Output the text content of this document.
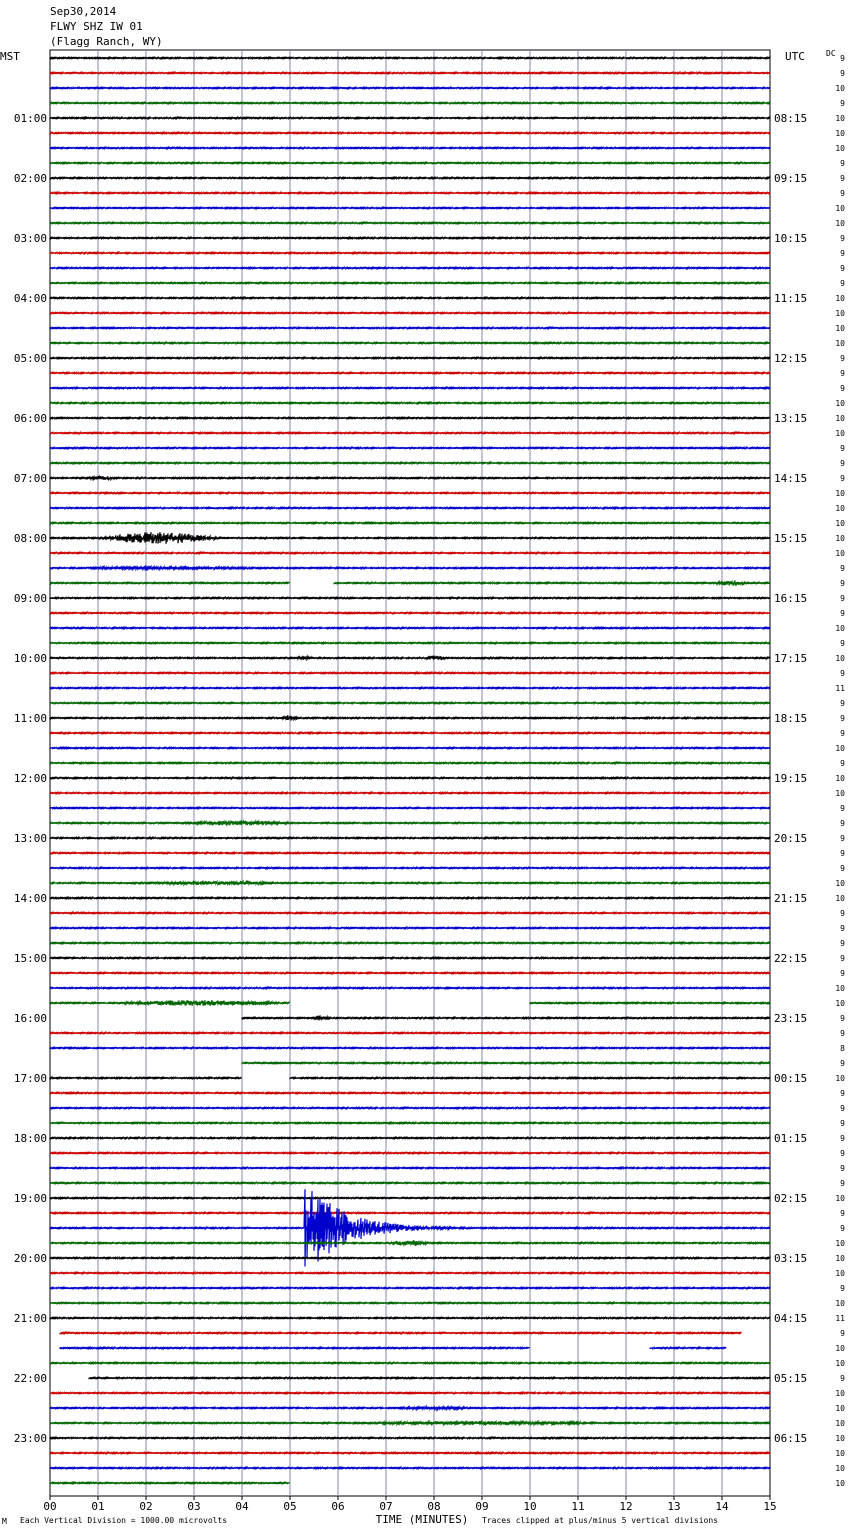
Sep30,2014
FLWY SHZ IW 01
(Flagg Ranch, WY)
MST	UTC	DC
01:00
02:00
03:00
04:00
05:00
06:00
07:00
08:00
09:00
10:00
11:00
12:00
13:00
14:00
15:00
16:00
17:00
18:00
19:00
20:00
21:00
22:00
23:00
08:15
09:15
10:15
11:15
12:15
13:15
14:15
15:15
16:15
17:15
18:15
19:15
20:15
21:15
22:15
23:15
00:15
01:15
02:15
03:15
04:15
05:15
06:15
9
9
10
9
10
10
10
9
9
9
10
10
9
9
9
9
10
10
10
10
9
9
9
10
10
10
9
9
9
10
10
10
10
10
9
9
9
9
10
9
10
9
11
9
9
9
10
9
10
10
9
9
9
9
9
10
10
9
9
9
9
9
10
10
9
9
8
9
10
9
9
9
9
9
9
9
10
9
9
10
10
10
9
10
11
9
10
10
9
10
10
10
10
10
10
10
00	01	02	03	04	05	06	07	08	09	10	11	12	13	14	15
TIME (MINUTES)
M Each Vertical Division = 1000.00 microvolts	Traces clipped at plus/minus 5 vertical divisions
